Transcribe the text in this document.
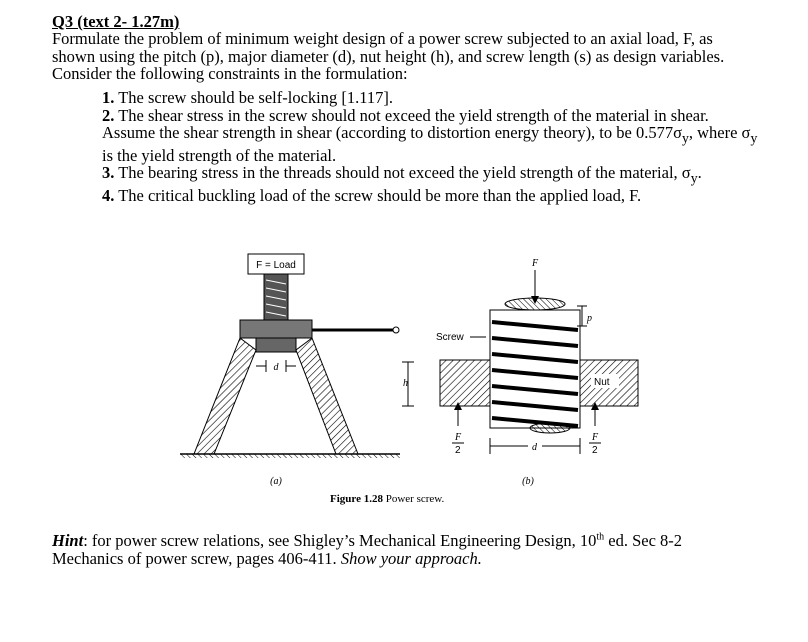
Q3 (text 2- 1.27m)
Formulate the problem of minimum weight design of a power screw subjected to an axial load, F, as
shown using the pitch (p), major diameter (d), nut height (h), and screw length (s) as design variables.
Consider the following constraints in the formulation:
1. The screw should be self-locking [1.117].
2. The shear stress in the screw should not exceed the yield strength of the material in shear.
Assume the shear strength in shear (according to distortion energy theory), to be $0.577\sigma_y$, where $\sigma_y$
is the yield strength of the material.
3. The bearing stress in the threads should not exceed the yield strength of the material, $\sigma_y$.
4. The critical buckling load of the screw should be more than the applied load, F.
F = Load
d
h
(a)
Screw
F
Nut
p
F
2
F
2
d
(b)
Figure 1.28 Power screw.
Hint: for power screw relations, see Shigley’s Mechanical Engineering Design, 10th ed. Sec 8-2
Mechanics of power screw, pages 406-411. Show your approach.
